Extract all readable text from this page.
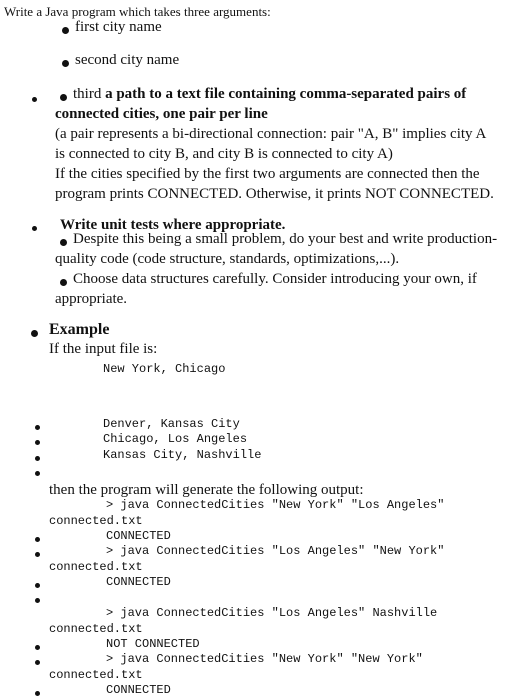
Write a Java program which takes three arguments:
first city name
second city name
third a path to a text file containing comma-separated pairs of
connected cities, one pair per line
(a pair represents a bi-directional connection: pair "A, B" implies city A
is connected to city B, and city B is connected to city A)
If the cities specified by the first two arguments are connected then the
program prints CONNECTED. Otherwise, it prints NOT CONNECTED.
Write unit tests where appropriate.
Despite this being a small problem, do your best and write production-
quality code (code structure, standards, optimizations,...).
Choose data structures carefully. Consider introducing your own, if
appropriate.
Example
If the input file is:
New York, Chicago
Denver, Kansas City
Chicago, Los Angeles
Kansas City, Nashville
then the program will generate the following output:
> java ConnectedCities "New York" "Los Angeles"
connected.txt
CONNECTED
> java ConnectedCities "Los Angeles" "New York"
connected.txt
CONNECTED
> java ConnectedCities "Los Angeles" Nashville
connected.txt
NOT CONNECTED
> java ConnectedCities "New York" "New York"
connected.txt
CONNECTED
